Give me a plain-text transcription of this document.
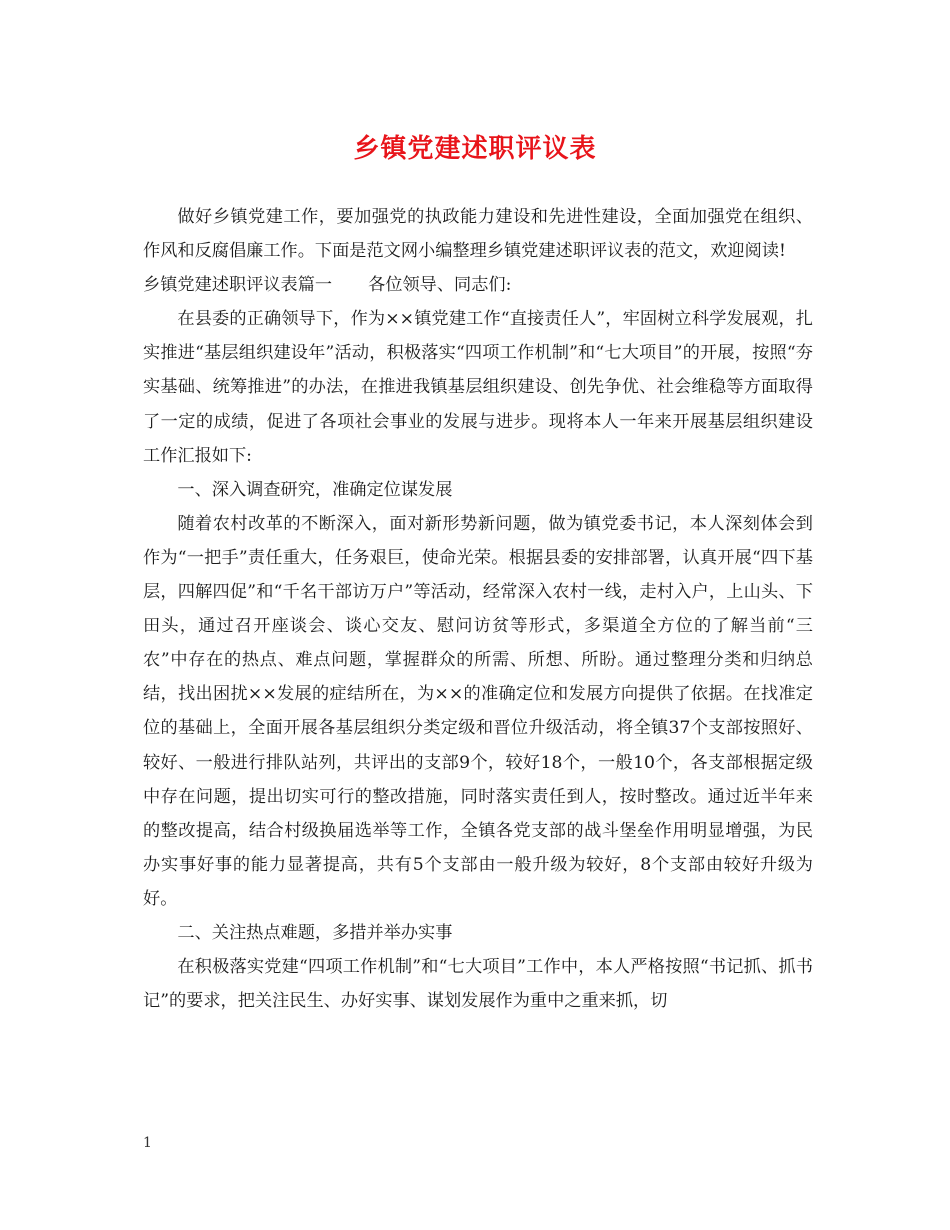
乡镇党建述职评议表

做好乡镇党建工作，要加强党的执政能力建设和先进性建设，全面加强党在组织、作风和反腐倡廉工作。下面是范文网小编整理乡镇党建述职评议表的范文，欢迎阅读!

乡镇党建述职评议表篇一 各位领导、同志们:

在县委的正确领导下，作为××镇党建工作“直接责任人”，牢固树立科学发展观，扎实推进“基层组织建设年”活动，积极落实“四项工作机制”和“七大项目”的开展，按照“夯实基础、统筹推进”的办法，在推进我镇基层组织建设、创先争优、社会维稳等方面取得了一定的成绩，促进了各项社会事业的发展与进步。现将本人一年来开展基层组织建设工作汇报如下:

一、深入调查研究，准确定位谋发展

随着农村改革的不断深入，面对新形势新问题，做为镇党委书记，本人深刻体会到作为“一把手”责任重大，任务艰巨，使命光荣。根据县委的安排部署，认真开展“四下基层，四解四促”和“千名干部访万户”等活动，经常深入农村一线，走村入户，上山头、下田头，通过召开座谈会、谈心交友、慰问访贫等形式，多渠道全方位的了解当前“三农”中存在的热点、难点问题，掌握群众的所需、所想、所盼。通过整理分类和归纳总结，找出困扰××发展的症结所在，为××的准确定位和发展方向提供了依据。在找准定位的基础上，全面开展各基层组织分类定级和晋位升级活动，将全镇37个支部按照好、较好、一般进行排队站列，共评出的支部9个，较好18个，一般10个，各支部根据定级中存在问题，提出切实可行的整改措施，同时落实责任到人，按时整改。通过近半年来的整改提高，结合村级换届选举等工作，全镇各党支部的战斗堡垒作用明显增强，为民办实事好事的能力显著提高，共有5个支部由一般升级为较好，8个支部由较好升级为好。

二、关注热点难题，多措并举办实事

在积极落实党建“四项工作机制”和“七大项目”工作中，本人严格按照“书记抓、抓书记”的要求，把关注民生、办好实事、谋划发展作为重中之重来抓，切

1
